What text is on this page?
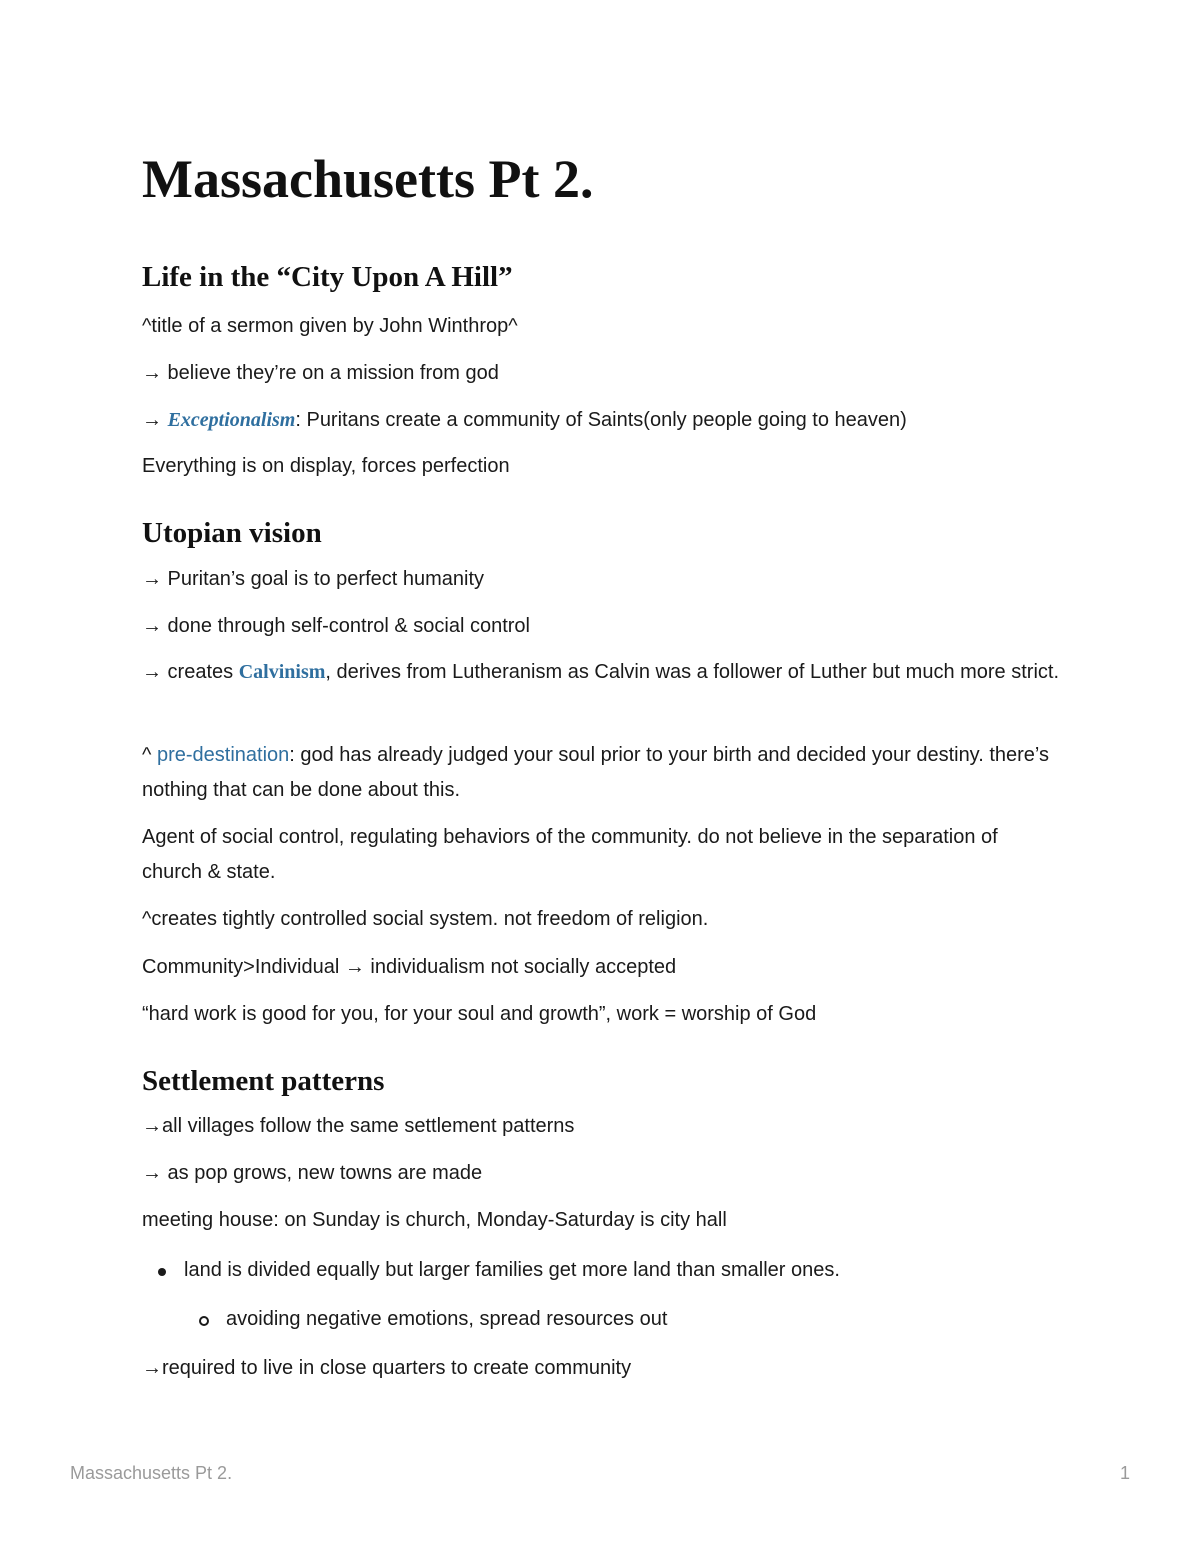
Massachusetts Pt 2.
Life in the “City Upon A Hill”

^title of a sermon given by John Winthrop^

→ believe they’re on a mission from god

→ Exceptionalism: Puritans create a community of Saints(only people going to heaven)

Everything is on display, forces perfection

Utopian vision

→ Puritan’s goal is to perfect humanity

→ done through self-control & social control

→ creates Calvinism, derives from Lutheranism as Calvin was a follower of Luther but much more strict.

^ pre-destination: god has already judged your soul prior to your birth and decided your destiny. there’s nothing that can be done about this.

Agent of social control, regulating behaviors of the community. do not believe in the separation of church & state.

^creates tightly controlled social system. not freedom of religion.

Community>Individual → individualism not socially accepted

“hard work is good for you, for your soul and growth”, work = worship of God

Settlement patterns

→all villages follow the same settlement patterns

→ as pop grows, new towns are made

meeting house: on Sunday is church, Monday-Saturday is city hall

land is divided equally but larger families get more land than smaller ones.

avoiding negative emotions, spread resources out

→required to live in close quarters to create community

Massachusetts Pt 2.	1
